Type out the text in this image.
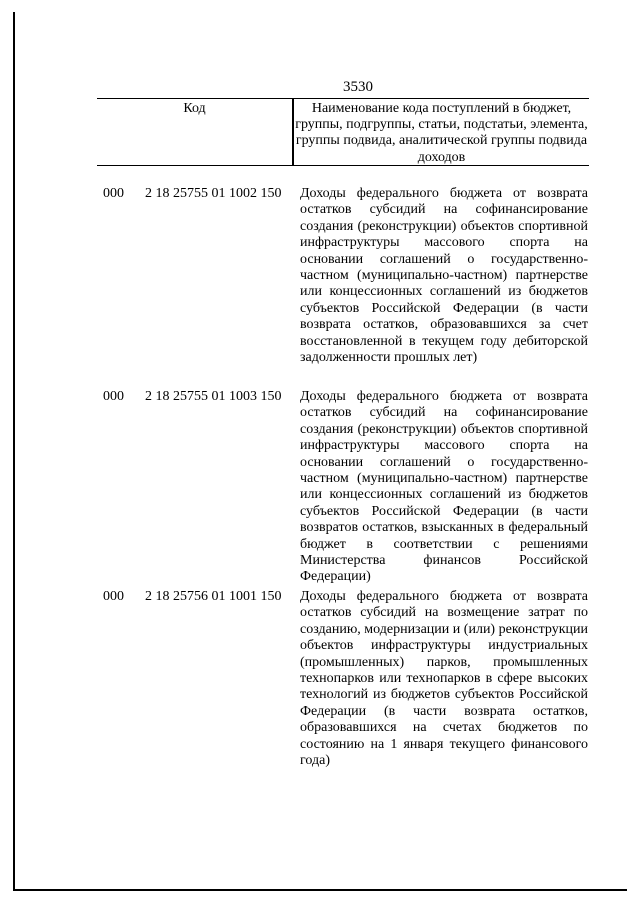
3530
Код	Наименование кода поступлений в бюджет, группы, подгруппы, статьи, подстатьи, элемента, группы подвида, аналитической группы подвида доходов
000 2 18 25755 01 1002 150 Доходы федерального бюджета от возврата остатков субсидий на софинансирование создания (реконструкции) объектов спортивной инфраструктуры массового спорта на основании соглашений о государственно-частном (муниципально-частном) партнерстве или концессионных соглашений из бюджетов субъектов Российской Федерации (в части возврата остатков, образовавшихся за счет восстановленной в текущем году дебиторской задолженности прошлых лет)
000 2 18 25755 01 1003 150 Доходы федерального бюджета от возврата остатков субсидий на софинансирование создания (реконструкции) объектов спортивной инфраструктуры массового спорта на основании соглашений о государственно-частном (муниципально-частном) партнерстве или концессионных соглашений из бюджетов субъектов Российской Федерации (в части возвратов остатков, взысканных в федеральный бюджет в соответствии с решениями Министерства финансов Российской Федерации)
000 2 18 25756 01 1001 150 Доходы федерального бюджета от возврата остатков субсидий на возмещение затрат по созданию, модернизации и (или) реконструкции объектов инфраструктуры индустриальных (промышленных) парков, промышленных технопарков или технопарков в сфере высоких технологий из бюджетов субъектов Российской Федерации (в части возврата остатков, образовавшихся на счетах бюджетов по состоянию на 1 января текущего финансового года)
